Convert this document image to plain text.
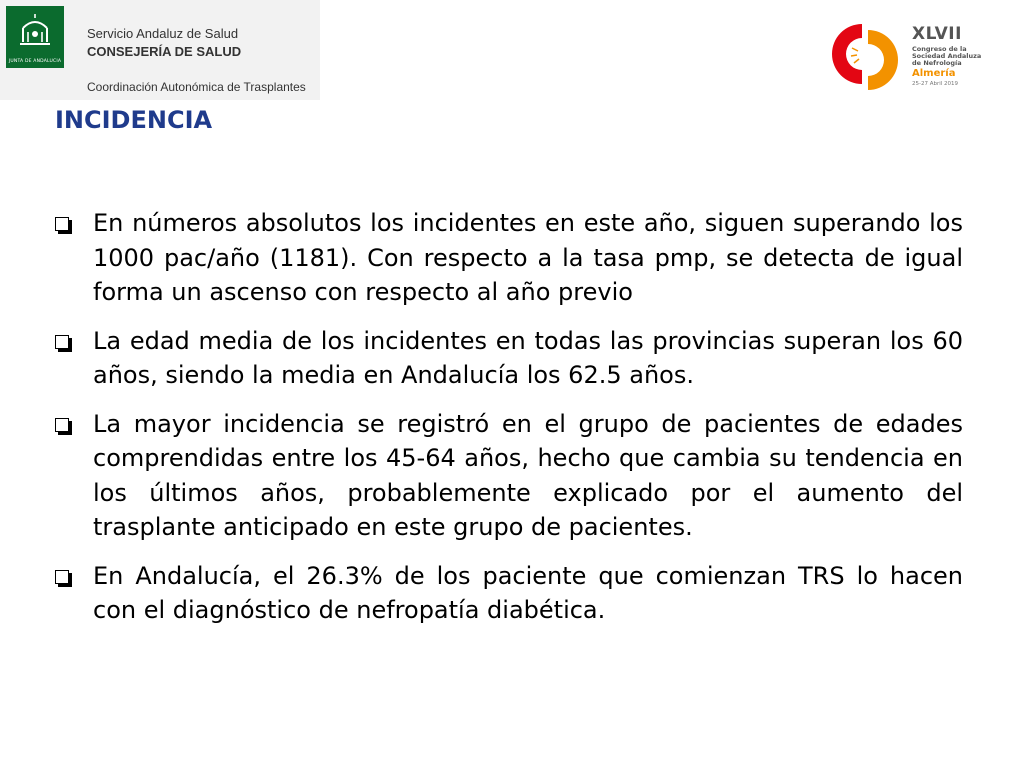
JUNTA DE ANDALUCIA
Servicio Andaluz de Salud
CONSEJERÍA DE SALUD
Coordinación Autonómica de Trasplantes
XLVII
Congreso de la
Sociedad Andaluza
de Nefrología
Almería
25-27 Abril 2019
INCIDENCIA
En números absolutos los incidentes en este año, siguen superando los 1000 pac/año (1181). Con respecto a la tasa pmp, se detecta de igual forma un ascenso con respecto al año previo
La edad media de los incidentes en todas las provincias superan los 60 años, siendo la media en Andalucía los 62.5 años.
La mayor incidencia se registró en el grupo de pacientes de edades comprendidas entre los 45-64 años, hecho que cambia su tendencia en los últimos años, probablemente explicado por el aumento del trasplante anticipado en este grupo de pacientes.
En Andalucía, el 26.3% de los paciente que comienzan TRS lo hacen con el diagnóstico de nefropatía diabética.
